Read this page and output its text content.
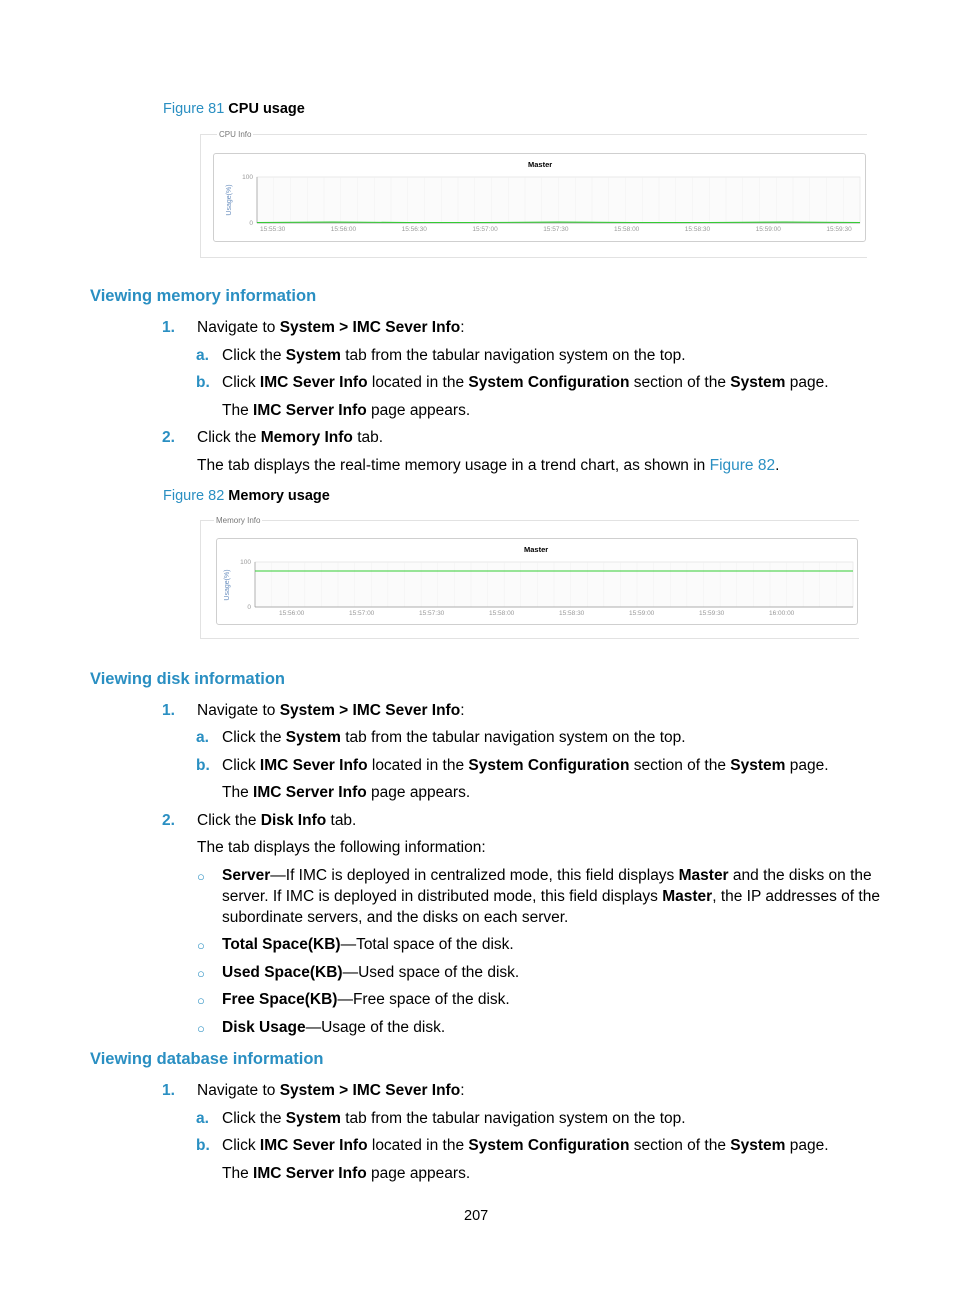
Figure 81 CPU usage
CPU Info
Master
100
0
Usage(%)
15:55:30	15:56:00	15:56:30	15:57:00	15:57:30	15:58:00	15:58:30	15:59:00	15:59:30
Viewing memory information
1. Navigate to System > IMC Sever Info:
a. Click the System tab from the tabular navigation system on the top.
b. Click IMC Sever Info located in the System Configuration section of the System page.
The IMC Server Info page appears.
2. Click the Memory Info tab.
The tab displays the real-time memory usage in a trend chart, as shown in Figure 82.
Figure 82 Memory usage
Memory Info
Master
100
0
Usage(%)
15:56:00	15:57:00	15:57:30	15:58:00	15:58:30	15:59:00	15:59:30	16:00:00
Viewing disk information
1. Navigate to System > IMC Sever Info:
a. Click the System tab from the tabular navigation system on the top.
b. Click IMC Sever Info located in the System Configuration section of the System page.
The IMC Server Info page appears.
2. Click the Disk Info tab.
The tab displays the following information:
○ Server—If IMC is deployed in centralized mode, this field displays Master and the disks on the
server. If IMC is deployed in distributed mode, this field displays Master, the IP addresses of the
subordinate servers, and the disks on each server.
○ Total Space(KB)—Total space of the disk.
○ Used Space(KB)—Used space of the disk.
○ Free Space(KB)—Free space of the disk.
○ Disk Usage—Usage of the disk.
Viewing database information
1. Navigate to System > IMC Sever Info:
a. Click the System tab from the tabular navigation system on the top.
b. Click IMC Sever Info located in the System Configuration section of the System page.
The IMC Server Info page appears.
207
